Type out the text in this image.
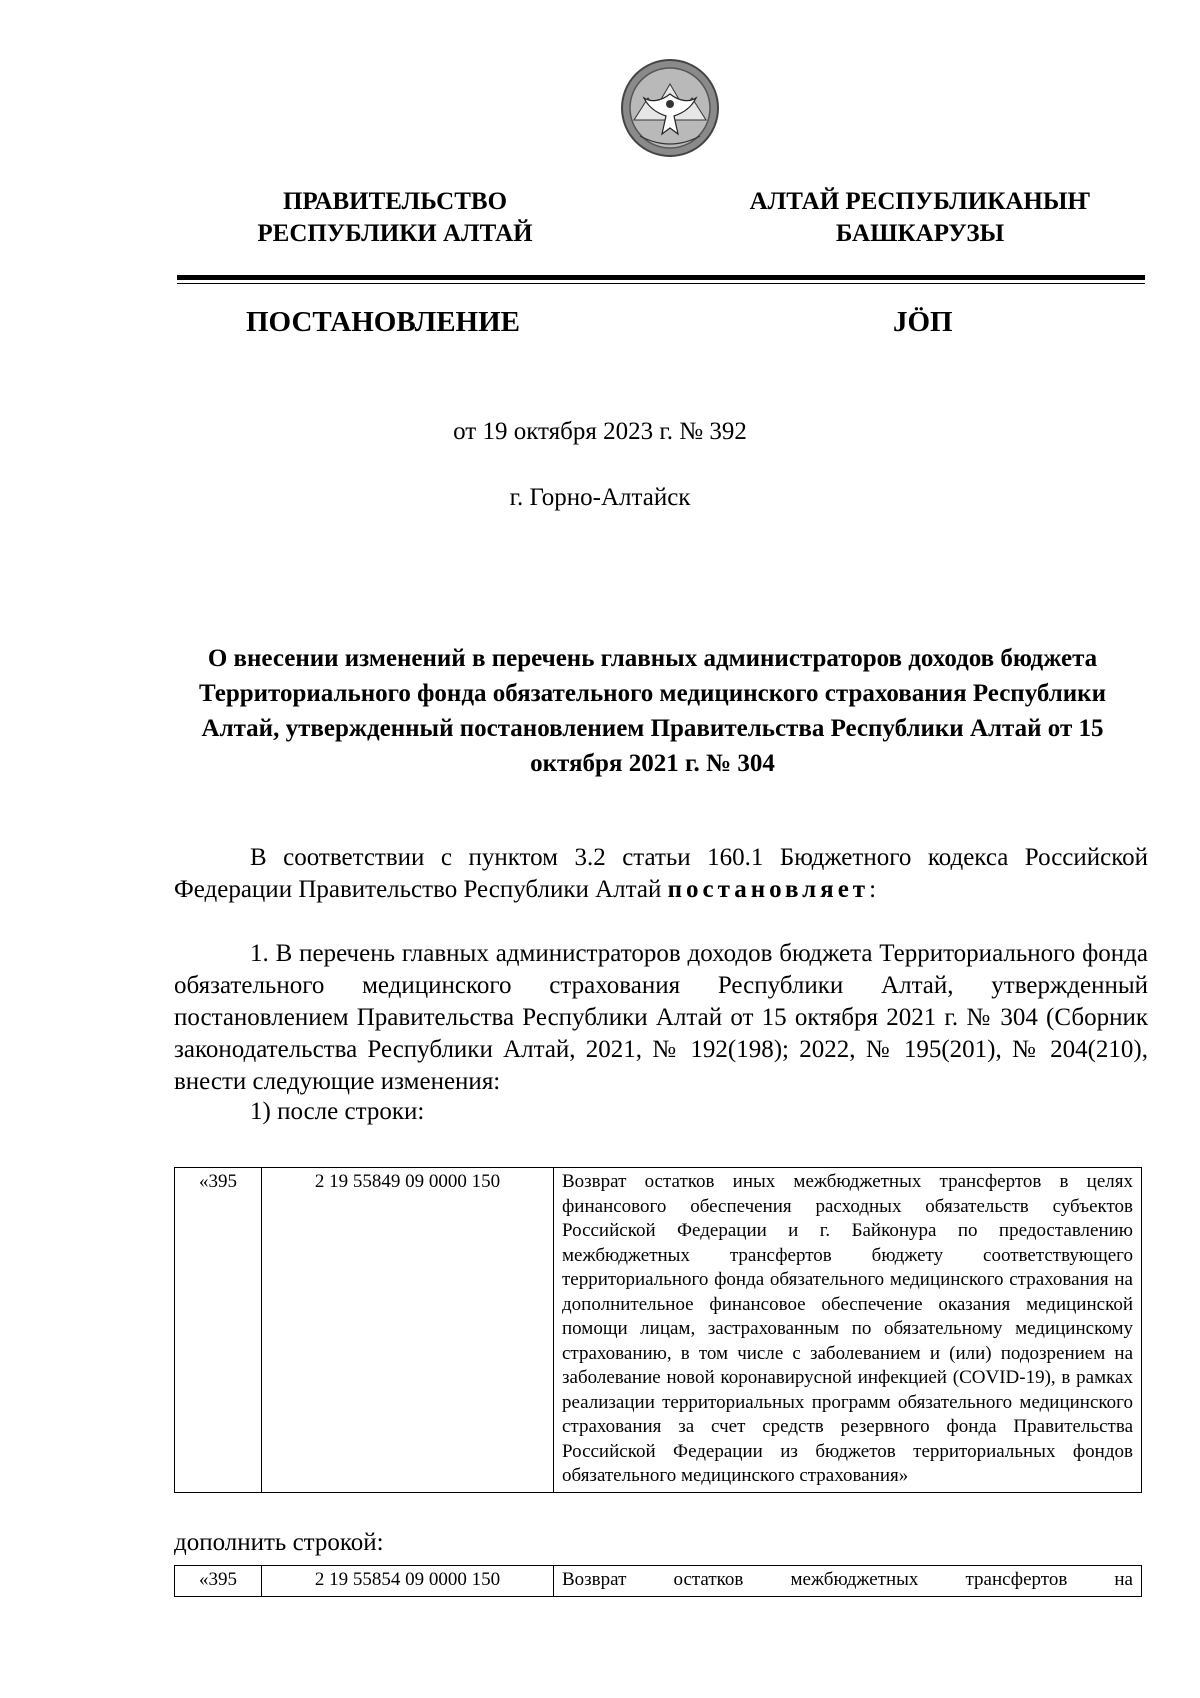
ПРАВИТЕЛЬСТВО
РЕСПУБЛИКИ АЛТАЙ
АЛТАЙ РЕСПУБЛИКАНЫҤ
БАШКАРУЗЫ
ПОСТАНОВЛЕНИЕ	JӦП
от 19 октября 2023 г. № 392
г. Горно-Алтайск
О внесении изменений в перечень главных администраторов доходов бюджета Территориального фонда обязательного медицинского страхования Республики Алтай, утвержденный постановлением Правительства Республики Алтай от 15 октября 2021 г. № 304
В соответствии с пунктом 3.2 статьи 160.1 Бюджетного кодекса Российской Федерации Правительство Республики Алтай постановляет:
1. В перечень главных администраторов доходов бюджета Территориального фонда обязательного медицинского страхования Республики Алтай, утвержденный постановлением Правительства Республики Алтай от 15 октября 2021 г. № 304 (Сборник законодательства Республики Алтай, 2021, № 192(198); 2022, № 195(201), № 204(210), внести следующие изменения:
1) после строки:
«395	2 19 55849 09 0000 150	Возврат остатков иных межбюджетных трансфертов в целях финансового обеспечения расходных обязательств субъектов Российской Федерации и г. Байконура по предоставлению межбюджетных трансфертов бюджету соответствующего территориального фонда обязательного медицинского страхования на дополнительное финансовое обеспечение оказания медицинской помощи лицам, застрахованным по обязательному медицинскому страхованию, в том числе с заболеванием и (или) подозрением на заболевание новой коронавирусной инфекцией (COVID-19), в рамках реализации территориальных программ обязательного медицинского страхования за счет средств резервного фонда Правительства Российской Федерации из бюджетов территориальных фондов обязательного медицинского страхования»
дополнить строкой:
«395	2 19 55854 09 0000 150	Возврат остатков межбюджетных трансфертов на
